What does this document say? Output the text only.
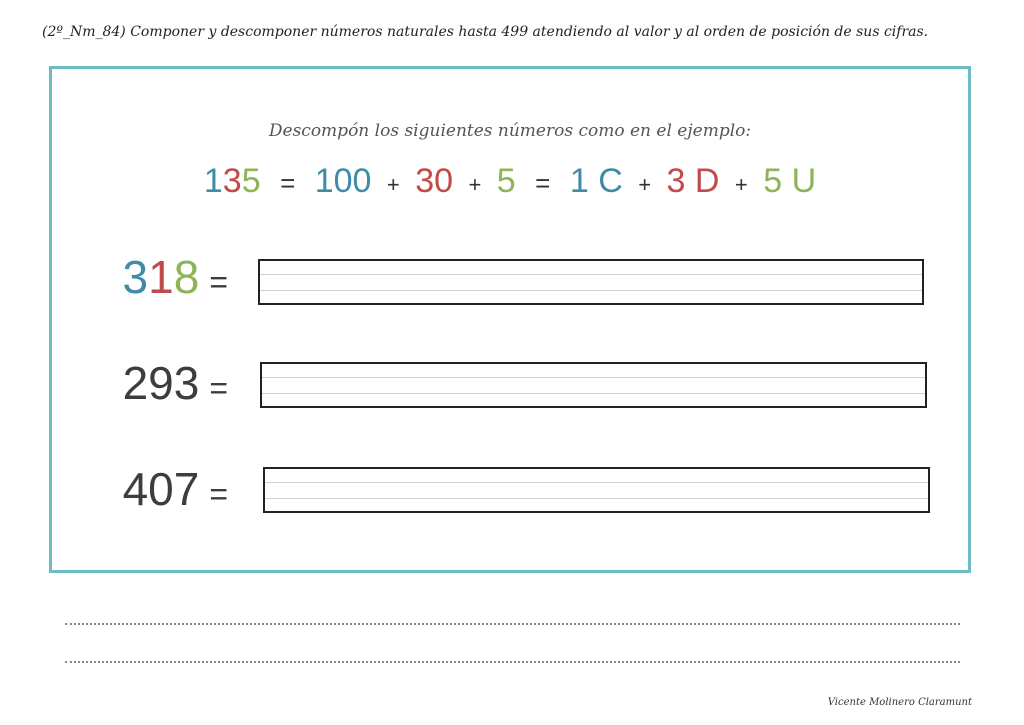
(2º_Nm_84) Componer y descomponer números naturales hasta 499 atendiendo al valor y al orden de posición de sus cifras.
Descompón los siguientes números como en el ejemplo:
135 = 100 + 30 + 5 = 1 C + 3 D + 5 U
318 =
293 =
407 =
Vicente Molinero Claramunt
